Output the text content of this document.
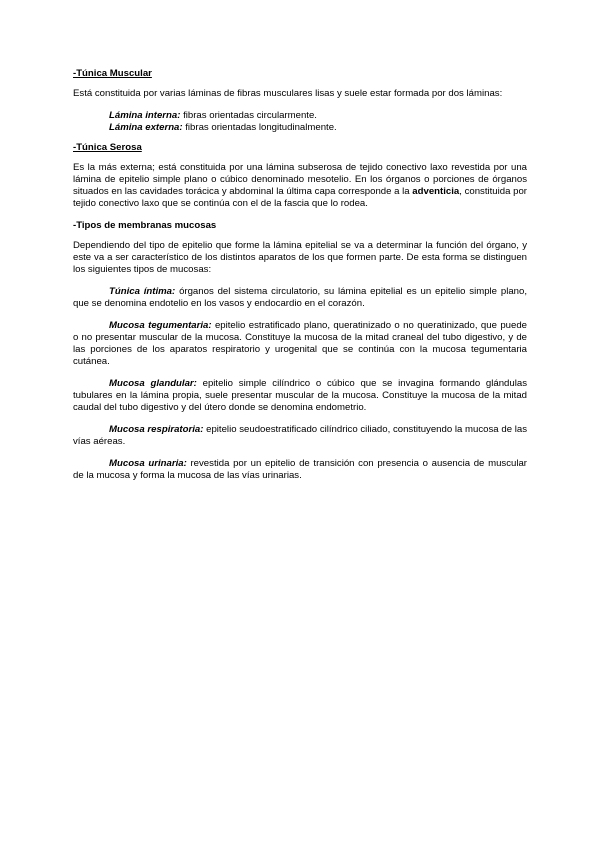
-Túnica Muscular

Está constituida por varias láminas de fibras musculares lisas y suele estar formada por dos láminas:

Lámina interna: fibras orientadas circularmente.

Lámina externa: fibras orientadas longitudinalmente.

-Túnica Serosa

Es la más externa; está constituida por una lámina subserosa de tejido conectivo laxo revestida por una lámina de epitelio simple plano o cúbico denominado mesotelio. En los órganos o porciones de órganos situados en las cavidades torácica y abdominal la última capa corresponde a la adventicia, constituida por tejido conectivo laxo que se continúa con el de la fascia que lo rodea.

-Tipos de membranas mucosas

Dependiendo del tipo de epitelio que forme la lámina epitelial se va a determinar la función del órgano, y este va a ser característico de los distintos aparatos de los que formen parte. De esta forma se distinguen los siguientes tipos de mucosas:

Túnica íntima: órganos del sistema circulatorio, su lámina epitelial es un epitelio simple plano, que se denomina endotelio en los vasos y endocardio en el corazón.

Mucosa tegumentaria: epitelio estratificado plano, queratinizado o no queratinizado, que puede o no presentar muscular de la mucosa. Constituye la mucosa de la mitad craneal del tubo digestivo, y de las porciones de los aparatos respiratorio y urogenital que se continúa con la mucosa tegumentaria cutánea.

Mucosa glandular: epitelio simple cilíndrico o cúbico que se invagina formando glándulas tubulares en la lámina propia, suele presentar muscular de la mucosa. Constituye la mucosa de la mitad caudal del tubo digestivo y del útero donde se denomina endometrio.

Mucosa respiratoria: epitelio seudoestratificado cilíndrico ciliado, constituyendo la mucosa de las vías aéreas.

Mucosa urinaria: revestida por un epitelio de transición con presencia o ausencia de muscular de la mucosa y forma la mucosa de las vías urinarias.
